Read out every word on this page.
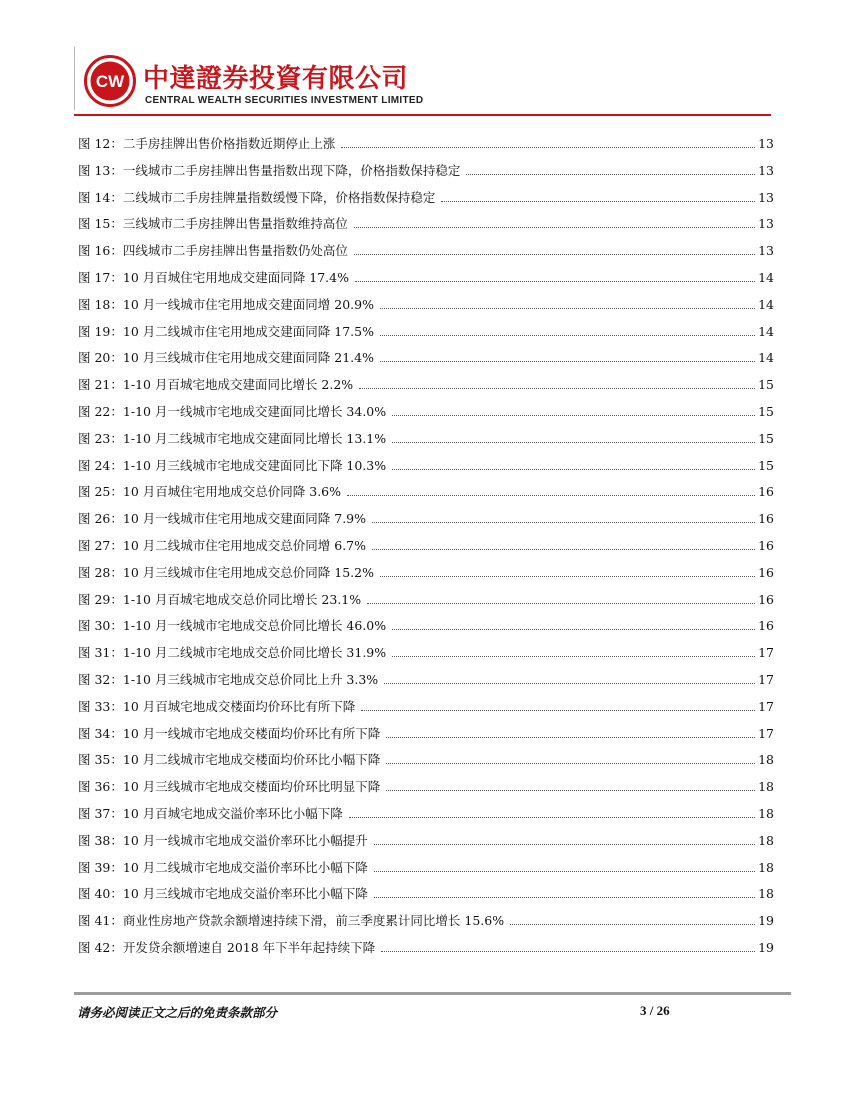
CW 中達證券投資有限公司
CENTRAL WEALTH SECURITIES INVESTMENT LIMITED
图 12： 二手房挂牌出售价格指数近期停止上涨	13
图 13： 一线城市二手房挂牌出售量指数出现下降，价格指数保持稳定	13
图 14： 二线城市二手房挂牌量指数缓慢下降，价格指数保持稳定	13
图 15： 三线城市二手房挂牌出售量指数维持高位	13
图 16： 四线城市二手房挂牌出售量指数仍处高位	13
图 17： 10 月百城住宅用地成交建面同降 17.4%	14
图 18： 10 月一线城市住宅用地成交建面同增 20.9%	14
图 19： 10 月二线城市住宅用地成交建面同降 17.5%	14
图 20： 10 月三线城市住宅用地成交建面同降 21.4%	14
图 21： 1-10 月百城宅地成交建面同比增长 2.2%	15
图 22： 1-10 月一线城市宅地成交建面同比增长 34.0%	15
图 23： 1-10 月二线城市宅地成交建面同比增长 13.1%	15
图 24： 1-10 月三线城市宅地成交建面同比下降 10.3%	15
图 25： 10 月百城住宅用地成交总价同降 3.6%	16
图 26： 10 月一线城市住宅用地成交建面同降 7.9%	16
图 27： 10 月二线城市住宅用地成交总价同增 6.7%	16
图 28： 10 月三线城市住宅用地成交总价同降 15.2%	16
图 29： 1-10 月百城宅地成交总价同比增长 23.1%	16
图 30： 1-10 月一线城市宅地成交总价同比增长 46.0%	16
图 31： 1-10 月二线城市宅地成交总价同比增长 31.9%	17
图 32： 1-10 月三线城市宅地成交总价同比上升 3.3%	17
图 33： 10 月百城宅地成交楼面均价环比有所下降	17
图 34： 10 月一线城市宅地成交楼面均价环比有所下降	17
图 35： 10 月二线城市宅地成交楼面均价环比小幅下降	18
图 36： 10 月三线城市宅地成交楼面均价环比明显下降	18
图 37： 10 月百城宅地成交溢价率环比小幅下降	18
图 38： 10 月一线城市宅地成交溢价率环比小幅提升	18
图 39： 10 月二线城市宅地成交溢价率环比小幅下降	18
图 40： 10 月三线城市宅地成交溢价率环比小幅下降	18
图 41： 商业性房地产贷款余额增速持续下滑，前三季度累计同比增长 15.6%	19
图 42： 开发贷余额增速自 2018 年下半年起持续下降	19
请务必阅读正文之后的免责条款部分	3 / 26
